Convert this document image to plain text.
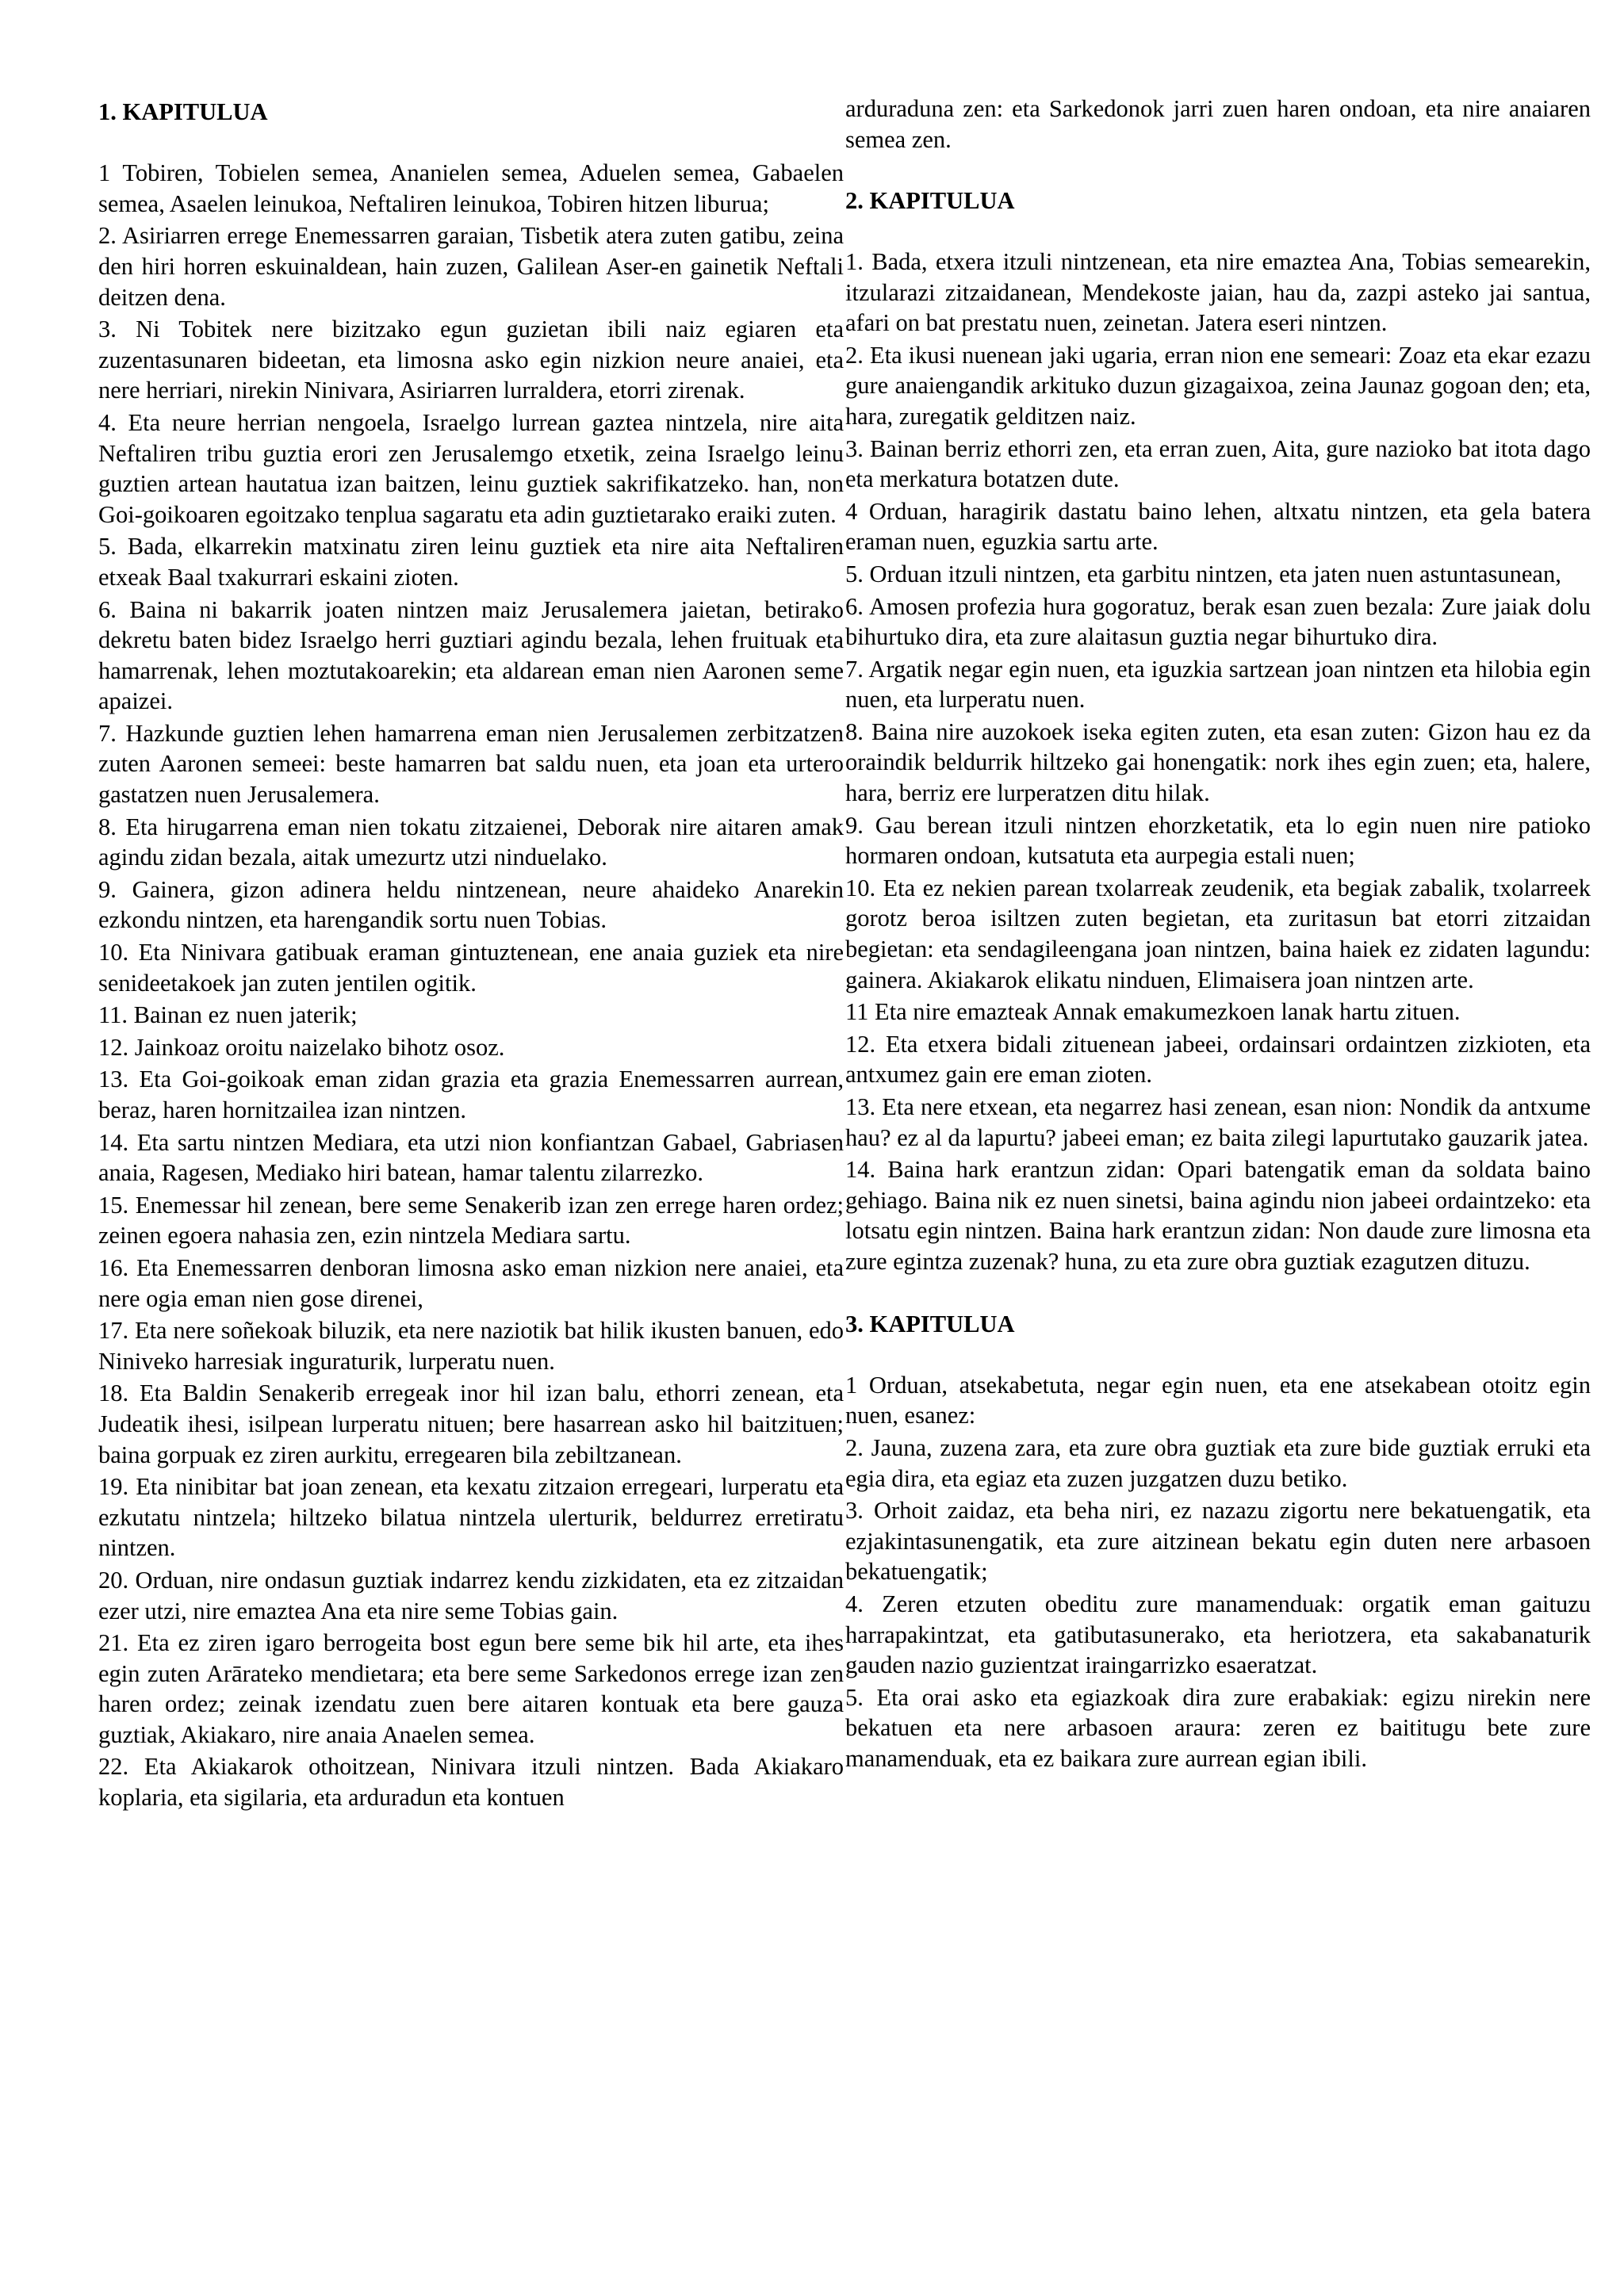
1. KAPITULUA
1 Tobiren, Tobielen semea, Ananielen semea, Aduelen semea, Gabaelen semea, Asaelen leinukoa, Neftaliren leinukoa, Tobiren hitzen liburua;
2. Asiriarren errege Enemessarren garaian, Tisbetik atera zuten gatibu, zeina den hiri horren eskuinaldean, hain zuzen, Galilean Aser-en gainetik Neftali deitzen dena.
3. Ni Tobitek nere bizitzako egun guzietan ibili naiz egiaren eta zuzentasunaren bideetan, eta limosna asko egin nizkion neure anaiei, eta nere herriari, nirekin Ninivara, Asiriarren lurraldera, etorri zirenak.
4. Eta neure herrian nengoela, Israelgo lurrean gaztea nintzela, nire aita Neftaliren tribu guztia erori zen Jerusalemgo etxetik, zeina Israelgo leinu guztien artean hautatua izan baitzen, leinu guztiek sakrifikatzeko. han, non Goi-goikoaren egoitzako tenplua sagaratu eta adin guztietarako eraiki zuten.
5. Bada, elkarrekin matxinatu ziren leinu guztiek eta nire aita Neftaliren etxeak Baal txakurrari eskaini zioten.
6. Baina ni bakarrik joaten nintzen maiz Jerusalemera jaietan, betirako dekretu baten bidez Israelgo herri guztiari agindu bezala, lehen fruituak eta hamarrenak, lehen moztutakoarekin; eta aldarean eman nien Aaronen seme apaizei.
7. Hazkunde guztien lehen hamarrena eman nien Jerusalemen zerbitzatzen zuten Aaronen semeei: beste hamarren bat saldu nuen, eta joan eta urtero gastatzen nuen Jerusalemera.
8. Eta hirugarrena eman nien tokatu zitzaienei, Deborak nire aitaren amak agindu zidan bezala, aitak umezurtz utzi ninduelako.
9. Gainera, gizon adinera heldu nintzenean, neure ahaideko Anarekin ezkondu nintzen, eta harengandik sortu nuen Tobias.
10. Eta Ninivara gatibuak eraman gintuztenean, ene anaia guziek eta nire senideetakoek jan zuten jentilen ogitik.
11. Bainan ez nuen jaterik;
12. Jainkoaz oroitu naizelako bihotz osoz.
13. Eta Goi-goikoak eman zidan grazia eta grazia Enemessarren aurrean, beraz, haren hornitzailea izan nintzen.
14. Eta sartu nintzen Mediara, eta utzi nion konfiantzan Gabael, Gabriasen anaia, Ragesen, Mediako hiri batean, hamar talentu zilarrezko.
15. Enemessar hil zenean, bere seme Senakerib izan zen errege haren ordez; zeinen egoera nahasia zen, ezin nintzela Mediara sartu.
16. Eta Enemessarren denboran limosna asko eman nizkion nere anaiei, eta nere ogia eman nien gose direnei,
17. Eta nere soñekoak biluzik, eta nere naziotik bat hilik ikusten banuen, edo Niniveko harresiak inguraturik, lurperatu nuen.
18. Eta Baldin Senakerib erregeak inor hil izan balu, ethorri zenean, eta Judeatik ihesi, isilpean lurperatu nituen; bere hasarrean asko hil baitzituen; baina gorpuak ez ziren aurkitu, erregearen bila zebiltzanean.
19. Eta ninibitar bat joan zenean, eta kexatu zitzaion erregeari, lurperatu eta ezkutatu nintzela; hiltzeko bilatua nintzela ulerturik, beldurrez erretiratu nintzen.
20. Orduan, nire ondasun guztiak indarrez kendu zizkidaten, eta ez zitzaidan ezer utzi, nire emaztea Ana eta nire seme Tobias gain.
21. Eta ez ziren igaro berrogeita bost egun bere seme bik hil arte, eta ihes egin zuten Arārateko mendietara; eta bere seme Sarkedonos errege izan zen haren ordez; zeinak izendatu zuen bere aitaren kontuak eta bere gauza guztiak, Akiakaro, nire anaia Anaelen semea.
22. Eta Akiakarok othoitzean, Ninivara itzuli nintzen. Bada Akiakaro koplaria, eta sigilaria, eta arduradun eta kontuen
arduraduna zen: eta Sarkedonok jarri zuen haren ondoan, eta nire anaiaren semea zen.
2. KAPITULUA
1. Bada, etxera itzuli nintzenean, eta nire emaztea Ana, Tobias semearekin, itzularazi zitzaidanean, Mendekoste jaian, hau da, zazpi asteko jai santua, afari on bat prestatu nuen, zeinetan. Jatera eseri nintzen.
2. Eta ikusi nuenean jaki ugaria, erran nion ene semeari: Zoaz eta ekar ezazu gure anaiengandik arkituko duzun gizagaixoa, zeina Jaunaz gogoan den; eta, hara, zuregatik gelditzen naiz.
3. Bainan berriz ethorri zen, eta erran zuen, Aita, gure nazioko bat itota dago eta merkatura botatzen dute.
4 Orduan, haragirik dastatu baino lehen, altxatu nintzen, eta gela batera eraman nuen, eguzkia sartu arte.
5. Orduan itzuli nintzen, eta garbitu nintzen, eta jaten nuen astuntasunean,
6. Amosen profezia hura gogoratuz, berak esan zuen bezala: Zure jaiak dolu bihurtuko dira, eta zure alaitasun guztia negar bihurtuko dira.
7. Argatik negar egin nuen, eta iguzkia sartzean joan nintzen eta hilobia egin nuen, eta lurperatu nuen.
8. Baina nire auzokoek iseka egiten zuten, eta esan zuten: Gizon hau ez da oraindik beldurrik hiltzeko gai honengatik: nork ihes egin zuen; eta, halere, hara, berriz ere lurperatzen ditu hilak.
9. Gau berean itzuli nintzen ehorzketatik, eta lo egin nuen nire patioko hormaren ondoan, kutsatuta eta aurpegia estali nuen;
10. Eta ez nekien parean txolarreak zeudenik, eta begiak zabalik, txolarreek gorotz beroa isiltzen zuten begietan, eta zuritasun bat etorri zitzaidan begietan: eta sendagileengana joan nintzen, baina haiek ez zidaten lagundu: gainera. Akiakarok elikatu ninduen, Elimaisera joan nintzen arte.
11 Eta nire emazteak Annak emakumezkoen lanak hartu zituen.
12. Eta etxera bidali zituenean jabeei, ordainsari ordaintzen zizkioten, eta antxumez gain ere eman zioten.
13. Eta nere etxean, eta negarrez hasi zenean, esan nion: Nondik da antxume hau? ez al da lapurtu? jabeei eman; ez baita zilegi lapurtutako gauzarik jatea.
14. Baina hark erantzun zidan: Opari batengatik eman da soldata baino gehiago. Baina nik ez nuen sinetsi, baina agindu nion jabeei ordaintzeko: eta lotsatu egin nintzen. Baina hark erantzun zidan: Non daude zure limosna eta zure egintza zuzenak? huna, zu eta zure obra guztiak ezagutzen dituzu.
3. KAPITULUA
1 Orduan, atsekabetuta, negar egin nuen, eta ene atsekabean otoitz egin nuen, esanez:
2. Jauna, zuzena zara, eta zure obra guztiak eta zure bide guztiak erruki eta egia dira, eta egiaz eta zuzen juzgatzen duzu betiko.
3. Orhoit zaidaz, eta beha niri, ez nazazu zigortu nere bekatuengatik, eta ezjakintasunengatik, eta zure aitzinean bekatu egin duten nere arbasoen bekatuengatik;
4. Zeren etzuten obeditu zure manamenduak: orgatik eman gaituzu harrapakintzat, eta gatibutasunerako, eta heriotzera, eta sakabanaturik gauden nazio guzientzat iraingarrizko esaeratzat.
5. Eta orai asko eta egiazkoak dira zure erabakiak: egizu nirekin nere bekatuen eta nere arbasoen araura: zeren ez baititugu bete zure manamenduak, eta ez baikara zure aurrean egian ibili.
